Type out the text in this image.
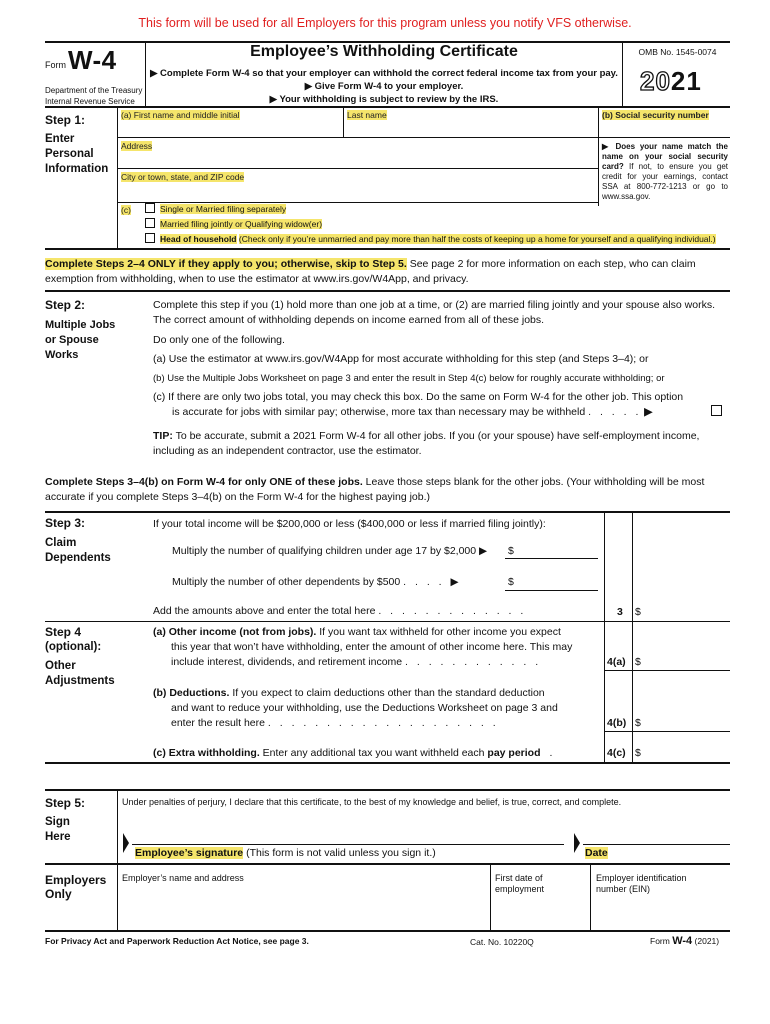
This form will be used for all Employers for this program unless you notify VFS otherwise.
Form W-4
Department of the Treasury
Internal Revenue Service
Employee’s Withholding Certificate
▶ Complete Form W-4 so that your employer can withhold the correct federal income tax from your pay.
▶ Give Form W-4 to your employer.
▶ Your withholding is subject to review by the IRS.
OMB No. 1545-0074
2021
Step 1:
Enter
Personal
Information
(a) First name and middle initial	Last name	(b) Social security number
Address
City or town, state, and ZIP code
▶ Does your name match the name on your social security card? If not, to ensure you get credit for your earnings, contact SSA at 800-772-1213 or go to www.ssa.gov.
(c)	Single or Married filing separately
Married filing jointly or Qualifying widow(er)
Head of household (Check only if you’re unmarried and pay more than half the costs of keeping up a home for yourself and a qualifying individual.)
Complete Steps 2–4 ONLY if they apply to you; otherwise, skip to Step 5. See page 2 for more information on each step, who can claim exemption from withholding, when to use the estimator at www.irs.gov/W4App, and privacy.
Step 2:
Multiple Jobs
or Spouse
Works
Complete this step if you (1) hold more than one job at a time, or (2) are married filing jointly and your spouse also works. The correct amount of withholding depends on income earned from all of these jobs.
Do only one of the following.
(a) Use the estimator at www.irs.gov/W4App for most accurate withholding for this step (and Steps 3–4); or
(b) Use the Multiple Jobs Worksheet on page 3 and enter the result in Step 4(c) below for roughly accurate withholding; or
(c) If there are only two jobs total, you may check this box. Do the same on Form W-4 for the other job. This option
is accurate for jobs with similar pay; otherwise, more tax than necessary may be withheld . . . . . ▶
TIP: To be accurate, submit a 2021 Form W-4 for all other jobs. If you (or your spouse) have self-employment income, including as an independent contractor, use the estimator.
Complete Steps 3–4(b) on Form W-4 for only ONE of these jobs. Leave those steps blank for the other jobs. (Your withholding will be most accurate if you complete Steps 3–4(b) on the Form W-4 for the highest paying job.)
Step 3:
Claim
Dependents
If your total income will be $200,000 or less ($400,000 or less if married filing jointly):
Multiply the number of qualifying children under age 17 by $2,000 ▶ $
Multiply the number of other dependents by $500 . . . . ▶	$
Add the amounts above and enter the total here . . . . . . . . . . . . .	3 $
Step 4
(optional):
Other
Adjustments
(a) Other income (not from jobs). If you want tax withheld for other income you expect
this year that won’t have withholding, enter the amount of other income here. This may
include interest, dividends, and retirement income . . . . . . . . . . . .	4(a) $
(b) Deductions. If you expect to claim deductions other than the standard deduction
and want to reduce your withholding, use the Deductions Worksheet on page 3 and
enter the result here . . . . . . . . . . . . . . . . . . . .	4(b) $
(c) Extra withholding. Enter any additional tax you want withheld each pay period .	4(c) $
Step 5:
Sign
Here
Under penalties of perjury, I declare that this certificate, to the best of my knowledge and belief, is true, correct, and complete.
Employee’s signature (This form is not valid unless you sign it.)	Date
Employers
Only
Employer’s name and address	First date of
employment
Employer identification
number (EIN)
For Privacy Act and Paperwork Reduction Act Notice, see page 3.	Cat. No. 10220Q	Form W-4 (2021)
